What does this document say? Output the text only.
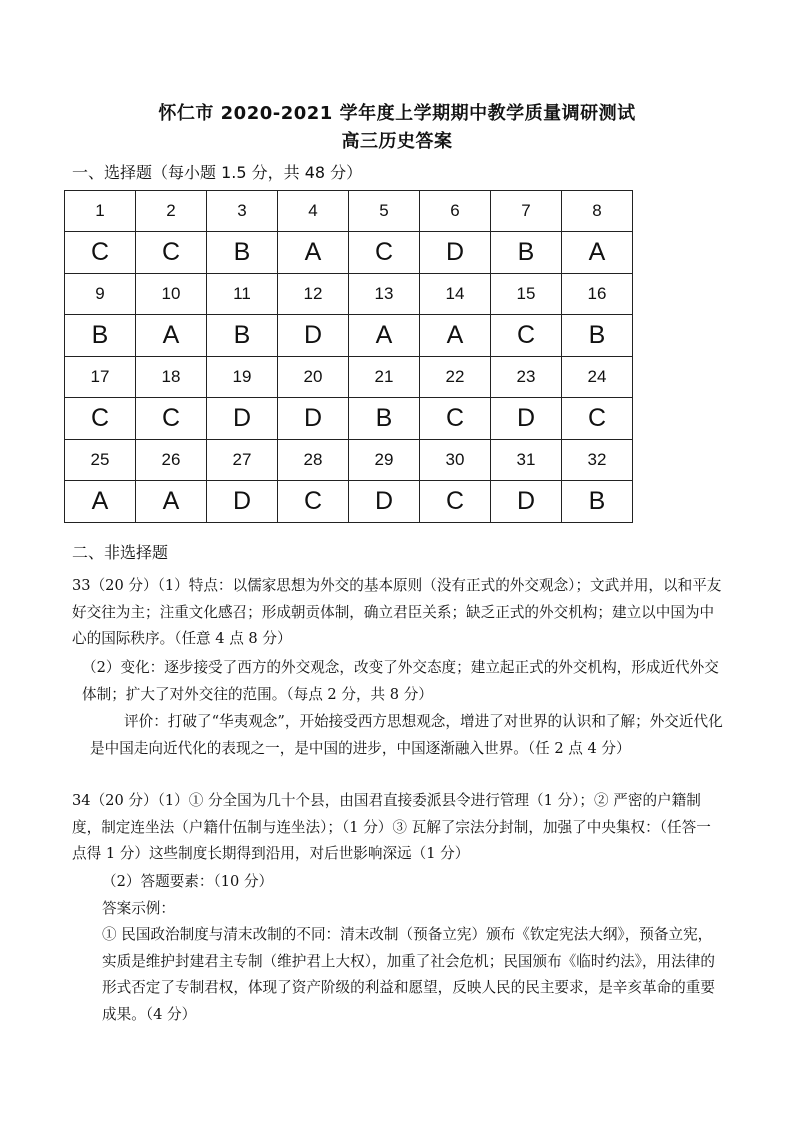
怀仁市 2020-2021 学年度上学期期中教学质量调研测试
高三历史答案
一、选择题（每小题 1.5 分，共 48 分）
1	2	3	4	5	6	7	8
C	C	B	A	C	D	B	A
9	10	11	12	13	14	15	16
B	A	B	D	A	A	C	B
17	18	19	20	21	22	23	24
C	C	D	D	B	C	D	C
25	26	27	28	29	30	31	32
A	A	D	C	D	C	D	B
二、非选择题
33（20 分）（1）特点：以儒家思想为外交的基本原则（没有正式的外交观念）；文武并用，以和平友好交往为主；注重文化感召；形成朝贡体制，确立君臣关系；缺乏正式的外交机构；建立以中国为中心的国际秩序。（任意 4 点 8 分）
（2）变化：逐步接受了西方的外交观念，改变了外交态度；建立起正式的外交机构，形成近代外交体制；扩大了对外交往的范围。（每点 2 分，共 8 分）
评价：打破了“华夷观念”，开始接受西方思想观念，增进了对世界的认识和了解；外交近代化是中国走向近代化的表现之一，是中国的进步，中国逐渐融入世界。（任 2 点 4 分）
34（20 分）（1）① 分全国为几十个县，由国君直接委派县令进行管理（1 分）；② 严密的户籍制度，制定连坐法（户籍什伍制与连坐法）；（1 分）③ 瓦解了宗法分封制，加强了中央集权：（任答一点得 1 分）这些制度长期得到沿用，对后世影响深远（1 分）
（2）答题要素：（10 分）
答案示例：
① 民国政治制度与清末改制的不同：清末改制（预备立宪）颁布《钦定宪法大纲》，预备立宪，实质是维护封建君主专制（维护君上大权），加重了社会危机；民国颁布《临时约法》，用法律的形式否定了专制君权，体现了资产阶级的利益和愿望，反映人民的民主要求，是辛亥革命的重要成果。（4 分）
